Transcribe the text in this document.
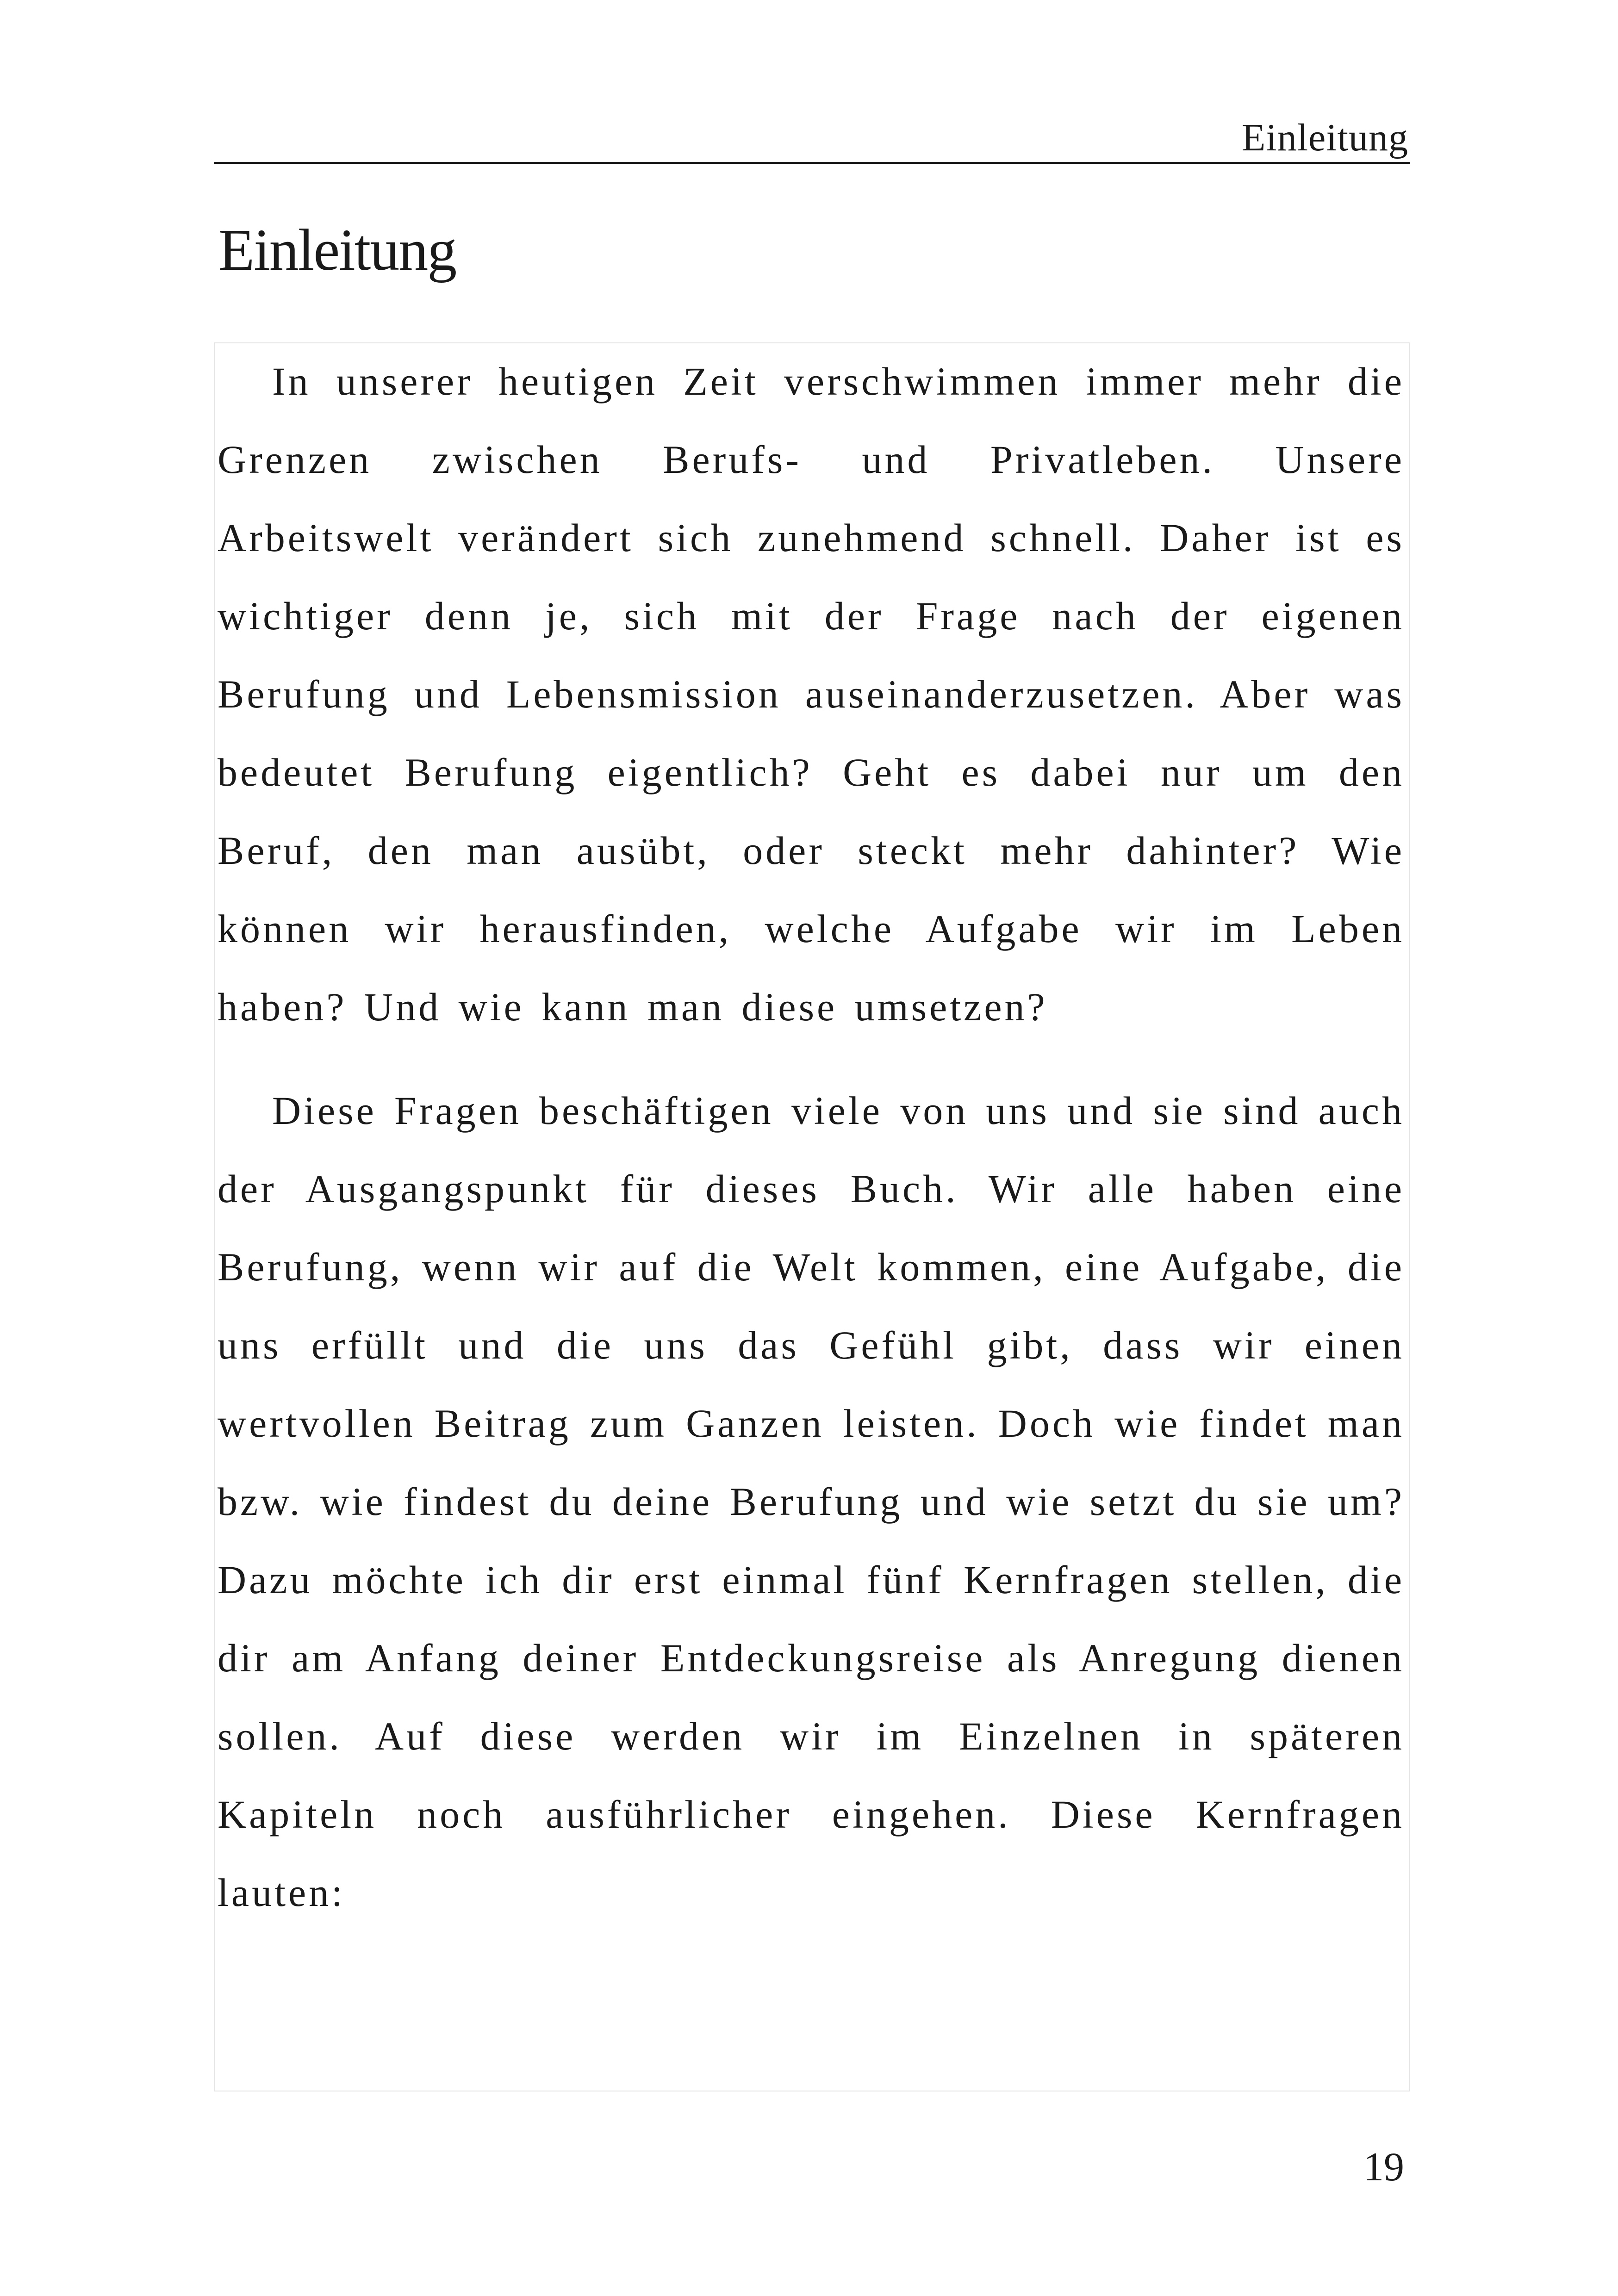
Einleitung
Einleitung

In unserer heutigen Zeit verschwimmen immer mehr die Grenzen zwischen Berufs- und Privatleben. Unsere Arbeitswelt verändert sich zunehmend schnell. Daher ist es wichtiger denn je, sich mit der Frage nach der eigenen Berufung und Lebensmission auseinanderzusetzen. Aber was bedeutet Berufung eigentlich? Geht es dabei nur um den Beruf, den man ausübt, oder steckt mehr dahinter? Wie können wir herausfinden, welche Aufgabe wir im Leben haben? Und wie kann man diese umsetzen?

Diese Fragen beschäftigen viele von uns und sie sind auch der Ausgangspunkt für dieses Buch. Wir alle haben eine Berufung, wenn wir auf die Welt kommen, eine Aufgabe, die uns erfüllt und die uns das Gefühl gibt, dass wir einen wertvollen Beitrag zum Ganzen leisten. Doch wie findet man bzw. wie findest du deine Berufung und wie setzt du sie um? Dazu möchte ich dir erst einmal fünf Kernfragen stellen, die dir am Anfang deiner Entdeckungsreise als Anregung dienen sollen. Auf diese werden wir im Einzelnen in späteren Kapiteln noch ausführlicher eingehen. Diese Kernfragen lauten:

19
